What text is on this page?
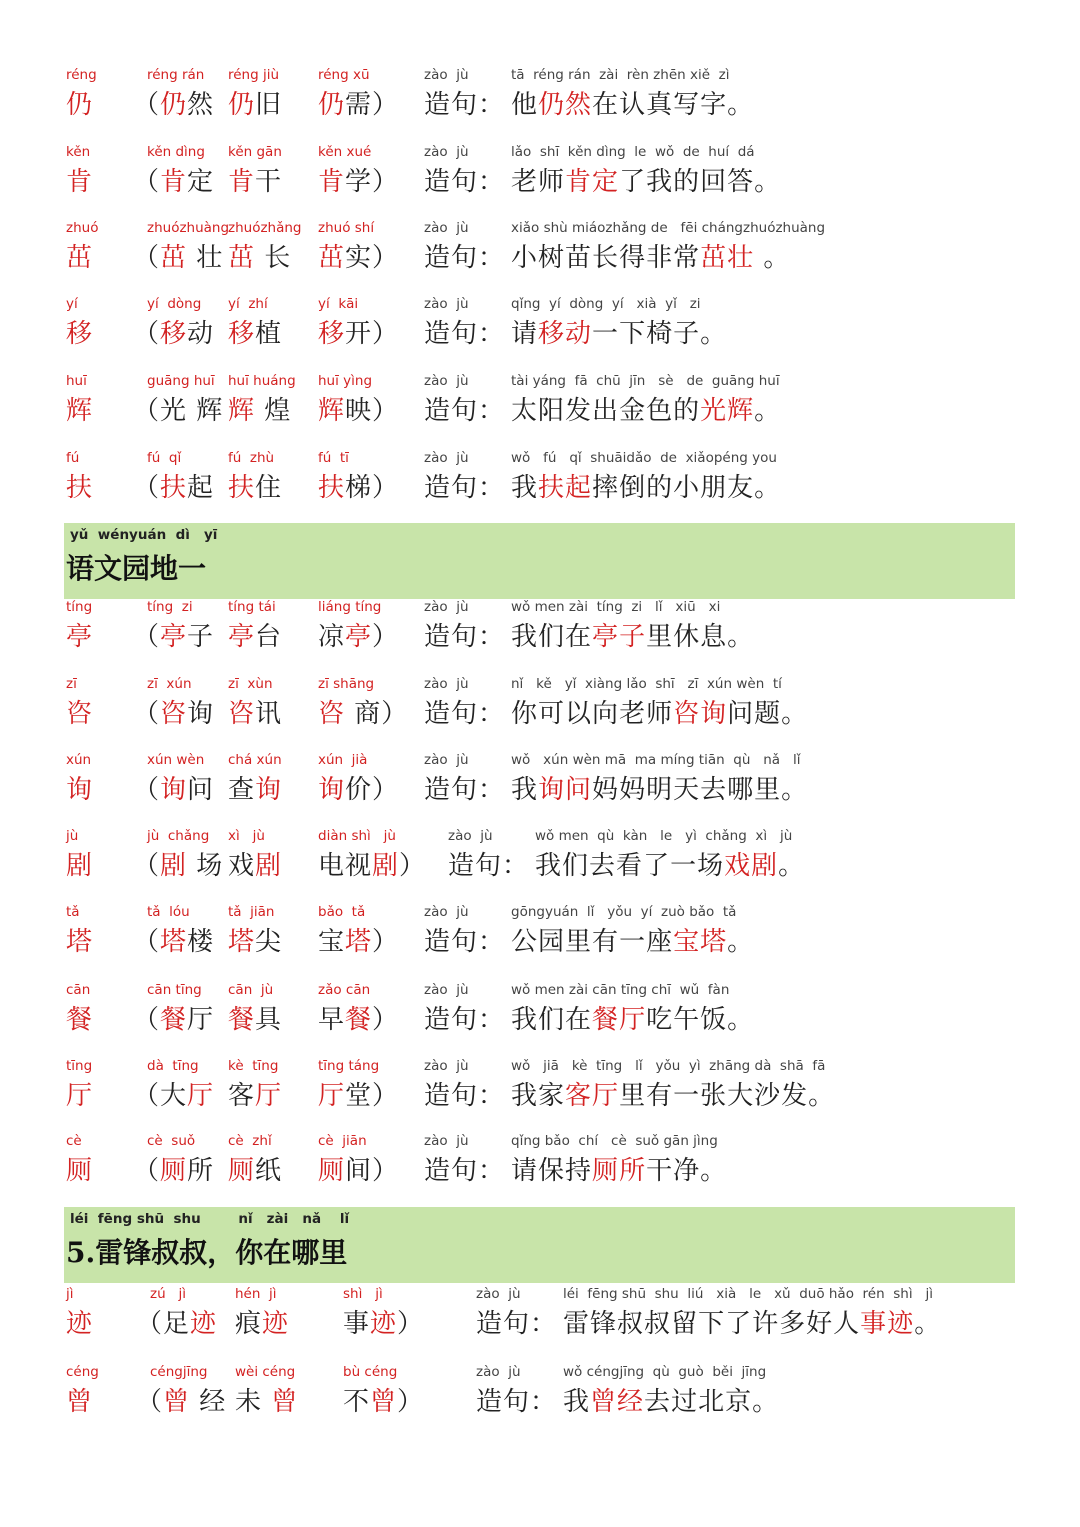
réng
仍
réng rán
（仍然
réng jiù
仍旧
réng xū
仍需）
zào  jù
造句：
tā  réng rán  zài  rèn zhēn xiě  zì
他仍然在认真写字。
kěn
肯
kěn dìng
（肯定
kěn gān
肯干
kěn xué
肯学）
zào  jù
造句：
lǎo  shī  kěn dìng  le  wǒ  de  huí  dá
老师肯定了我的回答。
zhuó
茁
zhuózhuàng
（茁 壮
zhuózhǎng
茁 长
zhuó shí
茁实）
zào  jù
造句：
xiǎo shù miáozhǎng de   fēi chángzhuózhuàng
小树苗长得非常茁壮 。
yí
移
yí  dòng
（移动
yí  zhí
移植
yí  kāi
移开）
zào  jù
造句：
qǐng  yí  dòng  yí   xià  yǐ   zi
请移动一下椅子。
huī
辉
guāng huī
（光 辉
huī huáng
辉 煌
huī yìng
辉映）
zào  jù
造句：
tài yáng  fā  chū  jīn   sè   de  guāng huī
太阳发出金色的光辉。
fú
扶
fú  qǐ
（扶起
fú  zhù
扶住
fú  tī
扶梯）
zào  jù
造句：
wǒ   fú   qǐ  shuāidǎo  de  xiǎopéng you
我扶起摔倒的小朋友。
tíng
亭
tíng  zi
（亭子
tíng tái
亭台
liáng tíng
凉亭）
zào  jù
造句：
wǒ men zài  tíng  zi   lǐ   xiū   xi
我们在亭子里休息。
zī
咨
zī  xún
（咨询
zī  xùn
咨讯
zī shāng
咨 商）
zào  jù
造句：
nǐ   kě   yǐ  xiàng lǎo  shī   zī  xún wèn  tí
你可以向老师咨询问题。
xún
询
xún wèn
（询问
chá xún
查询
xún  jià
询价）
zào  jù
造句：
wǒ   xún wèn mā  ma míng tiān  qù   nǎ   lǐ
我询问妈妈明天去哪里。
jù
剧
jù  chǎng
（剧 场
xì   jù
戏剧
diàn shì   jù
电视剧）
zào  jù
造句：
wǒ men  qù  kàn   le   yì  chǎng  xì   jù
我们去看了一场戏剧。
tǎ
塔
tǎ  lóu
（塔楼
tǎ  jiān
塔尖
bǎo  tǎ
宝塔）
zào  jù
造句：
gōngyuán  lǐ   yǒu  yí  zuò bǎo  tǎ
公园里有一座宝塔。
cān
餐
cān tīng
（餐厅
cān  jù
餐具
zǎo cān
早餐）
zào  jù
造句：
wǒ men zài cān tīng chī  wǔ  fàn
我们在餐厅吃午饭。
tīng
厅
dà  tīng
（大厅
kè  tīng
客厅
tīng táng
厅堂）
zào  jù
造句：
wǒ   jiā   kè  tīng   lǐ   yǒu  yì  zhāng dà  shā  fā
我家客厅里有一张大沙发。
cè
厕
cè  suǒ
（厕所
cè  zhǐ
厕纸
cè  jiān
厕间）
zào  jù
造句：
qǐng bǎo  chí   cè  suǒ gān jìng
请保持厕所干净。
jì
迹
zú   jì
（足迹
hén  jì
痕迹
shì   jì
事迹）
zào  jù
造句：
léi  fēng shū  shu  liú   xià   le   xǔ  duō hǎo  rén  shì   jì
雷锋叔叔留下了许多好人事迹。
céng
曾
céngjīng
（曾 经
wèi céng
未 曾
bù céng
不曾）
zào  jù
造句：
wǒ céngjīng  qù  guò  běi  jīng
我曾经去过北京。
yǔ  wényuán  dì   yī
语文园地一
léi  fēng shū  shu        nǐ   zài   nǎ    lǐ
5.雷锋叔叔，你在哪里
